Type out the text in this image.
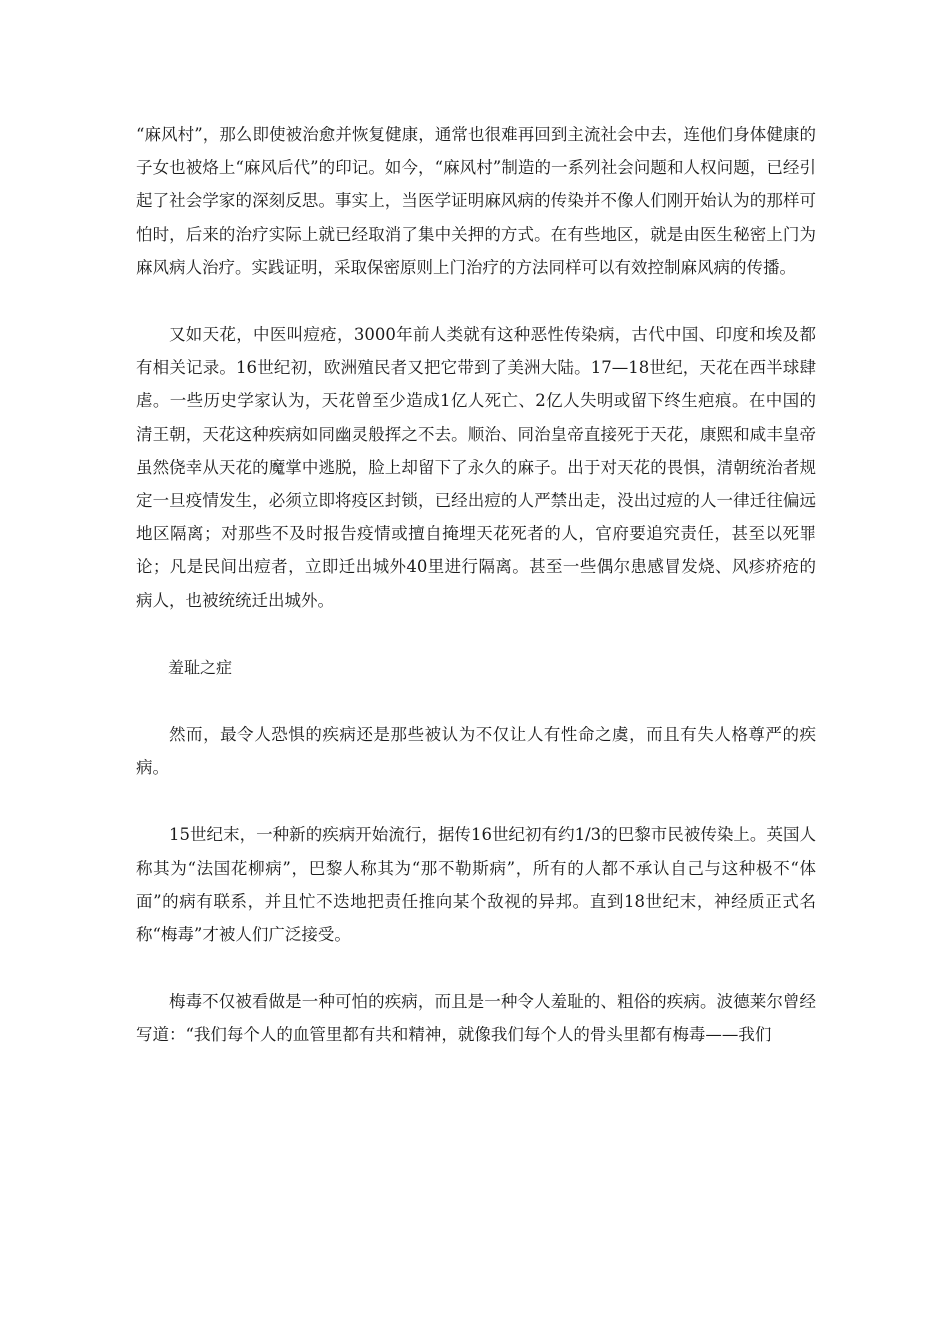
“麻风村”，那么即使被治愈并恢复健康，通常也很难再回到主流社会中去，连他们身体健康的子女也被烙上“麻风后代”的印记。如今，“麻风村”制造的一系列社会问题和人权问题，已经引起了社会学家的深刻反思。事实上，当医学证明麻风病的传染并不像人们刚开始认为的那样可怕时，后来的治疗实际上就已经取消了集中关押的方式。在有些地区，就是由医生秘密上门为麻风病人治疗。实践证明，采取保密原则上门治疗的方法同样可以有效控制麻风病的传播。

又如天花，中医叫痘疮，3000年前人类就有这种恶性传染病，古代中国、印度和埃及都有相关记录。16世纪初，欧洲殖民者又把它带到了美洲大陆。17—18世纪，天花在西半球肆虐。一些历史学家认为，天花曾至少造成1亿人死亡、2亿人失明或留下终生疤痕。在中国的清王朝，天花这种疾病如同幽灵般挥之不去。顺治、同治皇帝直接死于天花，康熙和咸丰皇帝虽然侥幸从天花的魔掌中逃脱，脸上却留下了永久的麻子。出于对天花的畏惧，清朝统治者规定一旦疫情发生，必须立即将疫区封锁，已经出痘的人严禁出走，没出过痘的人一律迁往偏远地区隔离；对那些不及时报告疫情或擅自掩埋天花死者的人，官府要追究责任，甚至以死罪论；凡是民间出痘者，立即迁出城外40里进行隔离。甚至一些偶尔患感冒发烧、风疹疥疮的病人，也被统统迁出城外。

羞耻之症

然而，最令人恐惧的疾病还是那些被认为不仅让人有性命之虞，而且有失人格尊严的疾病。

15世纪末，一种新的疾病开始流行，据传16世纪初有约1/3的巴黎市民被传染上。英国人称其为“法国花柳病”，巴黎人称其为“那不勒斯病”，所有的人都不承认自己与这种极不“体面”的病有联系，并且忙不迭地把责任推向某个敌视的异邦。直到18世纪末，神经质正式名称“梅毒”才被人们广泛接受。

梅毒不仅被看做是一种可怕的疾病，而且是一种令人羞耻的、粗俗的疾病。波德莱尔曾经写道：“我们每个人的血管里都有共和精神，就像我们每个人的骨头里都有梅毒——我们
